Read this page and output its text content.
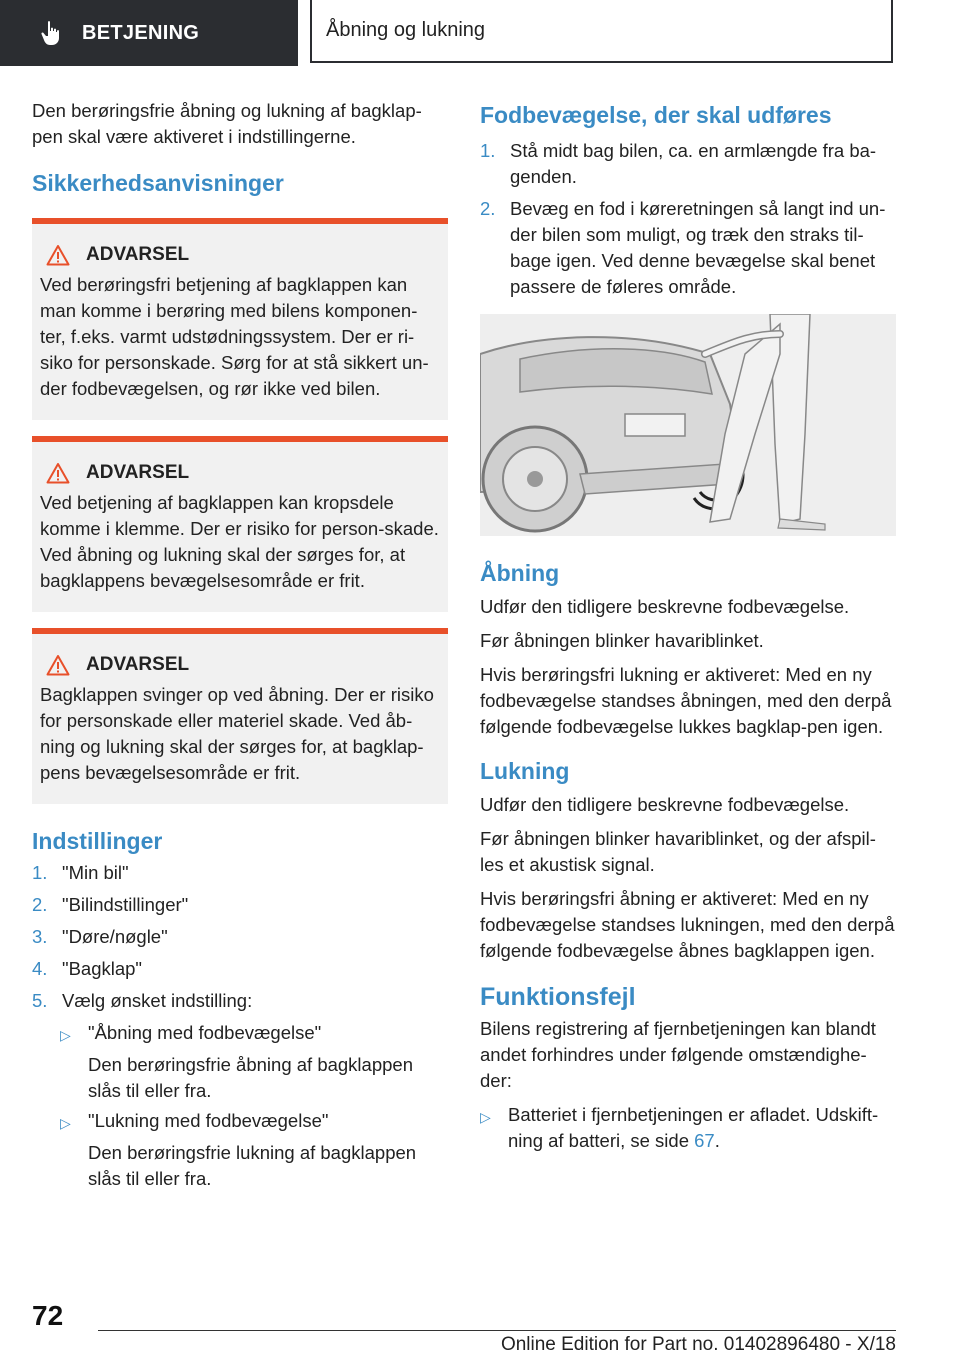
BETJENING	Åbning og lukning

Den berøringsfrie åbning og lukning af bagklap-pen skal være aktiveret i indstillingerne.

Sikkerhedsanvisninger
ADVARSEL

Ved berøringsfri betjening af bagklappen kan man komme i berøring med bilens komponen-ter, f.eks. varmt udstødningssystem. Der er ri-siko for personskade. Sørg for at stå sikkert un-der fodbevægelsen, og rør ikke ved bilen.

ADVARSEL

Ved betjening af bagklappen kan kropsdele komme i klemme. Der er risiko for person-skade. Ved åbning og lukning skal der sørges for, at bagklappens bevægelsesområde er frit.

ADVARSEL

Bagklappen svinger op ved åbning. Der er risiko for personskade eller materiel skade. Ved åb-ning og lukning skal der sørges for, at bagklap-pens bevægelsesområde er frit.

Indstillinger
1. "Min bil"
2. "Bilindstillinger"
3. "Døre/nøgle"
4. "Bagklap"
5. Vælg ønsket indstilling:
▷ "Åbning med fodbevægelse"

Den berøringsfrie åbning af bagklappen slås til eller fra.

▷ "Lukning med fodbevægelse"

Den berøringsfrie lukning af bagklappen slås til eller fra.

Fodbevægelse, der skal udføres
1. Stå midt bag bilen, ca. en armlængde fra ba-genden.
2. Bevæg en fod i køreretningen så langt ind un-der bilen som muligt, og træk den straks til-bage igen. Ved denne bevægelse skal benet passere de føleres område.
Åbning

Udfør den tidligere beskrevne fodbevægelse.

Før åbningen blinker havariblinket.

Hvis berøringsfri lukning er aktiveret: Med en ny fodbevægelse standses åbningen, med den derpå følgende fodbevægelse lukkes bagklap-pen igen.

Lukning

Udfør den tidligere beskrevne fodbevægelse.

Før åbningen blinker havariblinket, og der afspil-les et akustisk signal.

Hvis berøringsfri åbning er aktiveret: Med en ny fodbevægelse standses lukningen, med den derpå følgende fodbevægelse åbnes bagklappen igen.

Funktionsfejl

Bilens registrering af fjernbetjeningen kan blandt andet forhindres under følgende omstændighe-der:

▷ Batteriet i fjernbetjeningen er afladet. Udskift-ning af batteri, se side 67.
72
Online Edition for Part no. 01402896480 - X/18
